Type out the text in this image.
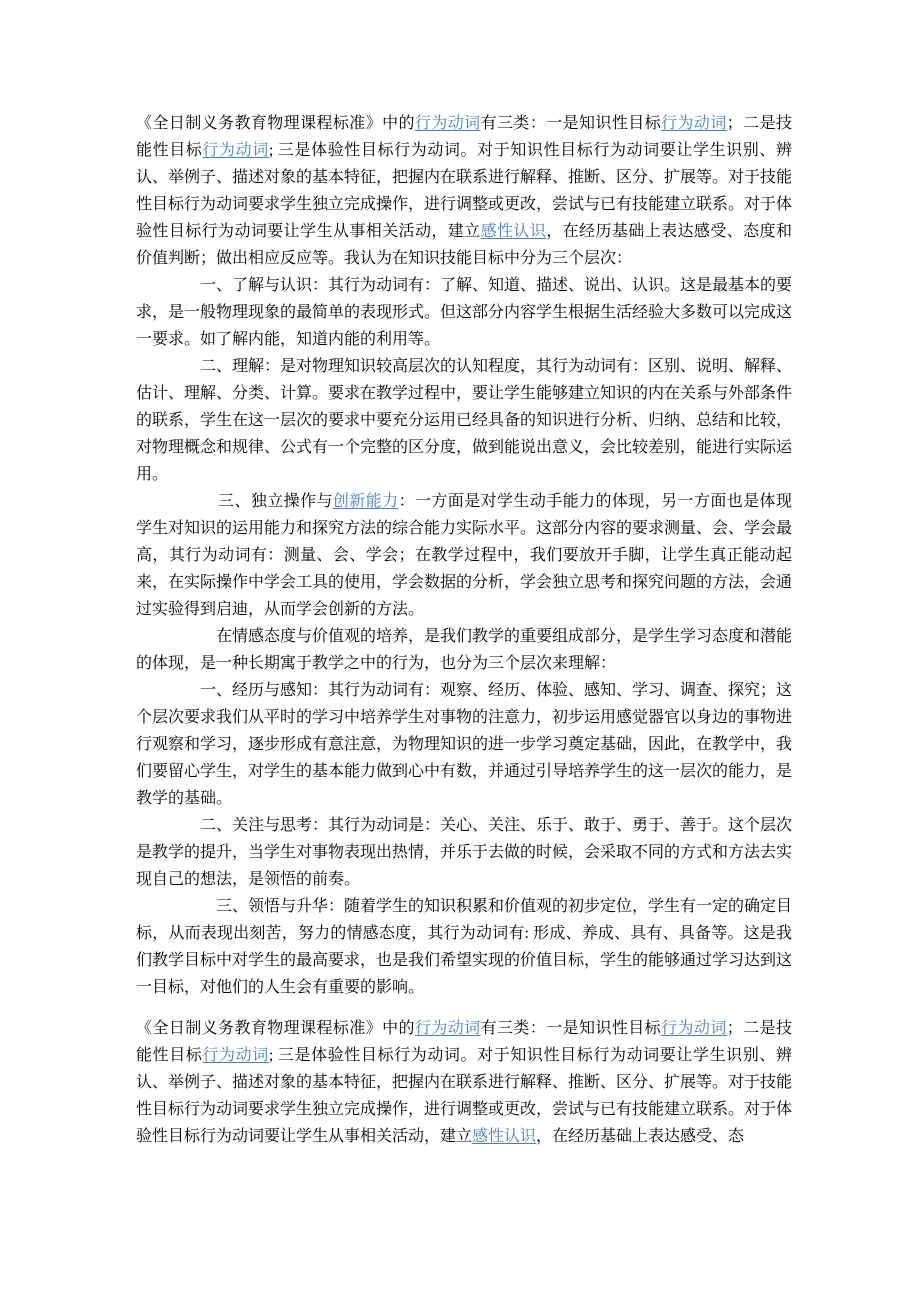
《全日制义务教育物理课程标准》中的行为动词有三类：一是知识性目标行为动词；二是技能性目标行为动词; 三是体验性目标行为动词。对于知识性目标行为动词要让学生识别、辨认、举例子、描述对象的基本特征，把握内在联系进行解释、推断、区分、扩展等。对于技能性目标行为动词要求学生独立完成操作，进行调整或更改，尝试与已有技能建立联系。对于体验性目标行为动词要让学生从事相关活动，建立感性认识，在经历基础上表达感受、态度和价值判断；做出相应反应等。我认为在知识技能目标中分为三个层次：

　　　　一、了解与认识：其行为动词有：了解、知道、描述、说出、认识。这是最基本的要求，是一般物理现象的最简单的表现形式。但这部分内容学生根据生活经验大多数可以完成这一要求。如了解内能，知道内能的利用等。

　　　　二、理解：是对物理知识较高层次的认知程度，其行为动词有：区别、说明、解释、估计、理解、分类、计算。要求在教学过程中，要让学生能够建立知识的内在关系与外部条件的联系，学生在这一层次的要求中要充分运用已经具备的知识进行分析、归纳、总结和比较，对物理概念和规律、公式有一个完整的区分度，做到能说出意义，会比较差别，能进行实际运用。

　　　　　三、独立操作与创新能力：一方面是对学生动手能力的体现，另一方面也是体现学生对知识的运用能力和探究方法的综合能力实际水平。这部分内容的要求测量、会、学会最高，其行为动词有：测量、会、学会；在教学过程中，我们要放开手脚，让学生真正能动起来，在实际操作中学会工具的使用，学会数据的分析，学会独立思考和探究问题的方法，会通过实验得到启迪，从而学会创新的方法。

　　　　　在情感态度与价值观的培养，是我们教学的重要组成部分，是学生学习态度和潜能的体现，是一种长期寓于教学之中的行为，也分为三个层次来理解：

　　　　一、经历与感知：其行为动词有：观察、经历、体验、感知、学习、调查、探究；这个层次要求我们从平时的学习中培养学生对事物的注意力，初步运用感觉器官以身边的事物进行观察和学习，逐步形成有意注意，为物理知识的进一步学习奠定基础，因此，在教学中，我们要留心学生，对学生的基本能力做到心中有数，并通过引导培养学生的这一层次的能力，是教学的基础。

　　　　二、关注与思考：其行为动词是：关心、关注、乐于、敢于、勇于、善于。这个层次是教学的提升，当学生对事物表现出热情，并乐于去做的时候，会采取不同的方式和方法去实现自己的想法，是领悟的前奏。

　　　　　三、领悟与升华：随着学生的知识积累和价值观的初步定位，学生有一定的确定目标，从而表现出刻苦，努力的情感态度，其行为动词有: 形成、养成、具有、具备等。这是我们教学目标中对学生的最高要求，也是我们希望实现的价值目标，学生的能够通过学习达到这一目标，对他们的人生会有重要的影响。

《全日制义务教育物理课程标准》中的行为动词有三类：一是知识性目标行为动词；二是技能性目标行为动词; 三是体验性目标行为动词。对于知识性目标行为动词要让学生识别、辨认、举例子、描述对象的基本特征，把握内在联系进行解释、推断、区分、扩展等。对于技能性目标行为动词要求学生独立完成操作，进行调整或更改，尝试与已有技能建立联系。对于体验性目标行为动词要让学生从事相关活动，建立感性认识，在经历基础上表达感受、态
